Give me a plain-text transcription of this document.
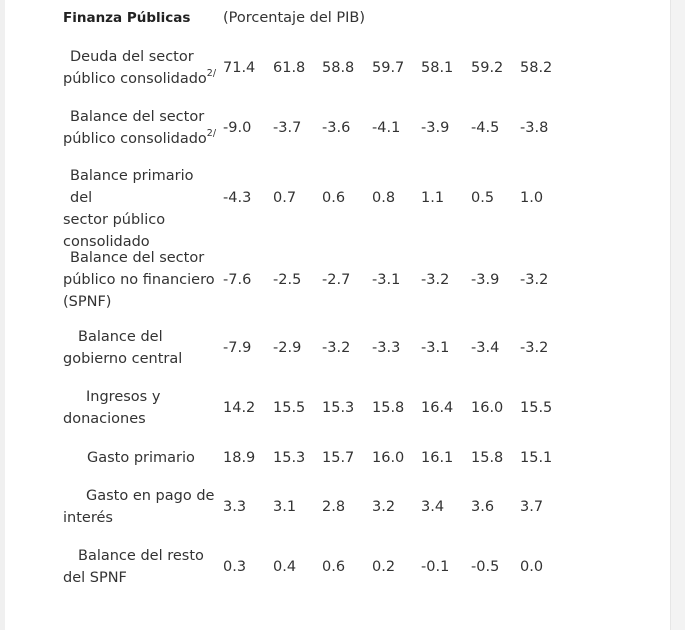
Finanza Públicas (Porcentaje del PIB)
Deuda del sector
público consolidado$^{2/}$ 71.4 61.8 58.8 59.7 58.1 59.2 58.2
Balance del sector
público consolidado$^{2/}$ -9.0 -3.7 -3.6 -4.1 -3.9 -4.5 -3.8
Balance primario del
sector público
consolidado
-4.3 0.7 0.6 0.8 1.1 0.5 1.0
Balance del sector
público no financiero
(SPNF)
-7.6 -2.5 -2.7 -3.1 -3.2 -3.9 -3.2
Balance del
gobierno central
-7.9 -2.9 -3.2 -3.3 -3.1 -3.4 -3.2
Ingresos y
donaciones
14.2 15.5 15.3 15.8 16.4 16.0 15.5
Gasto primario	18.9 15.3 15.7 16.0 16.1 15.8 15.1
Gasto en pago de
interés
3.3 3.1 2.8 3.2 3.4 3.6 3.7
Balance del resto
del SPNF
0.3 0.4 0.6 0.2 -0.1 -0.5 0.0
